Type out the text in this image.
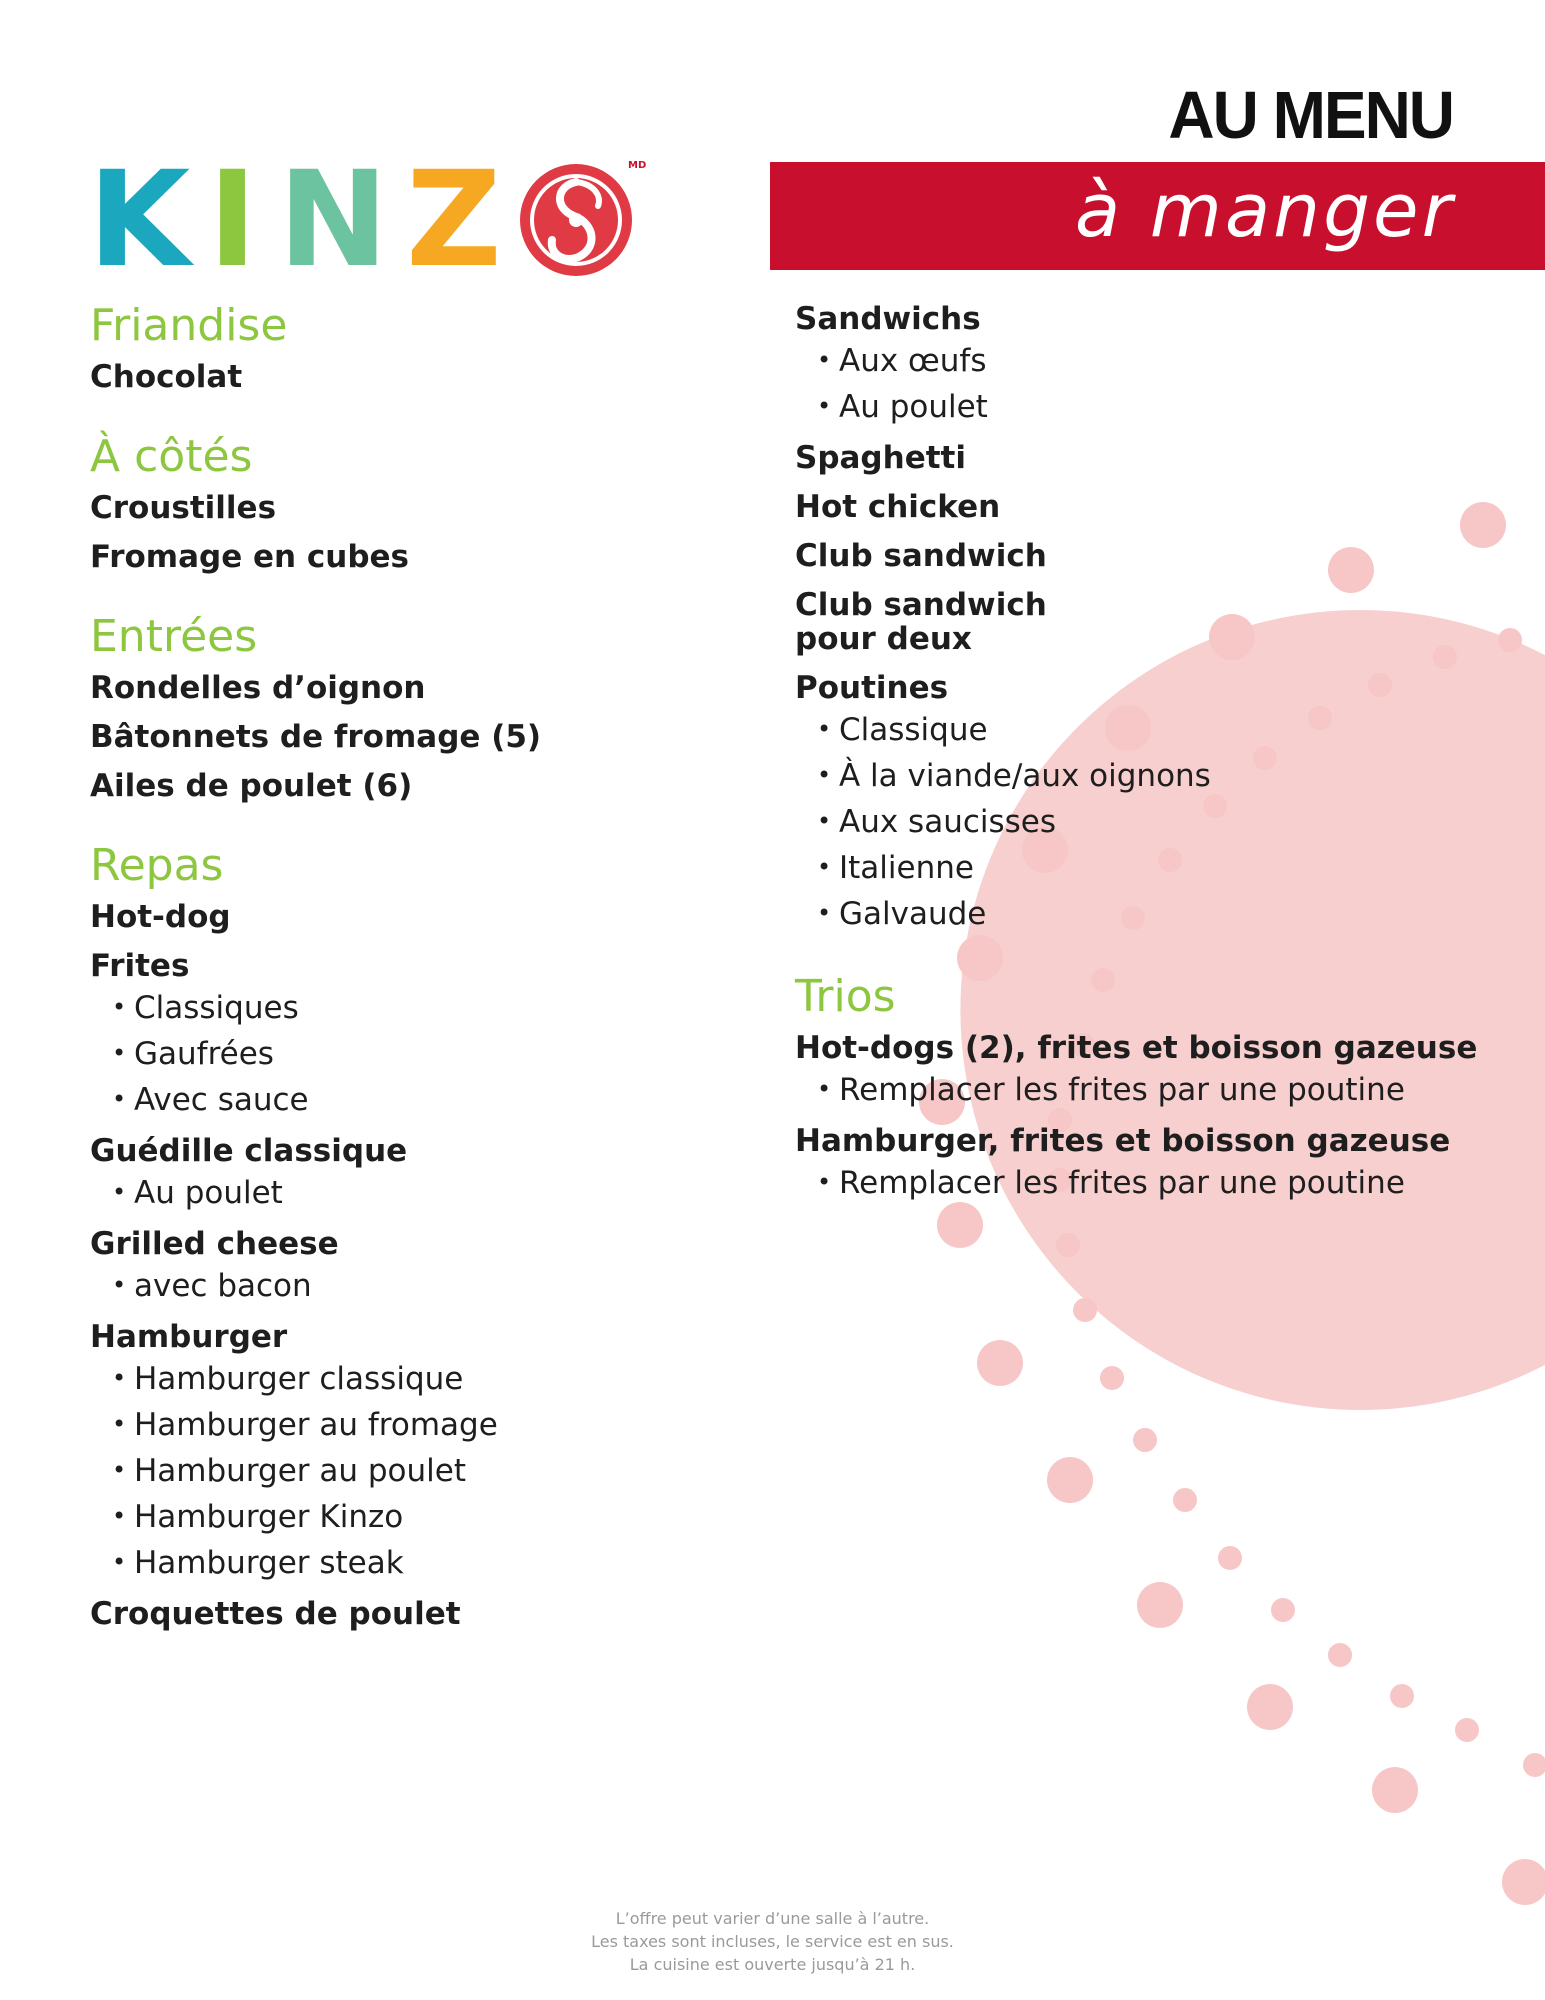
AU MENU
à manger
K I N Z	MD
Friandise
Chocolat
À côtés
Croustilles
Fromage en cubes
Entrées
Rondelles d’oignon
Bâtonnets de fromage (5)
Ailes de poulet (6)
Repas
Hot-dog
Frites
• Classiques
• Gaufrées
• Avec sauce
Guédille classique
• Au poulet
Grilled cheese
• avec bacon
Hamburger
• Hamburger classique
• Hamburger au fromage
• Hamburger au poulet
• Hamburger Kinzo
• Hamburger steak
Croquettes de poulet
Sandwichs
• Aux œufs
• Au poulet
Spaghetti
Hot chicken
Club sandwich
Club sandwich
pour deux
Poutines
• Classique
• À la viande/aux oignons
• Aux saucisses
• Italienne
• Galvaude
Trios
Hot-dogs (2), frites et boisson gazeuse
• Remplacer les frites par une poutine
Hamburger, frites et boisson gazeuse
• Remplacer les frites par une poutine
L’offre peut varier d’une salle à l’autre.
Les taxes sont incluses, le service est en sus.
La cuisine est ouverte jusqu’à 21 h.
